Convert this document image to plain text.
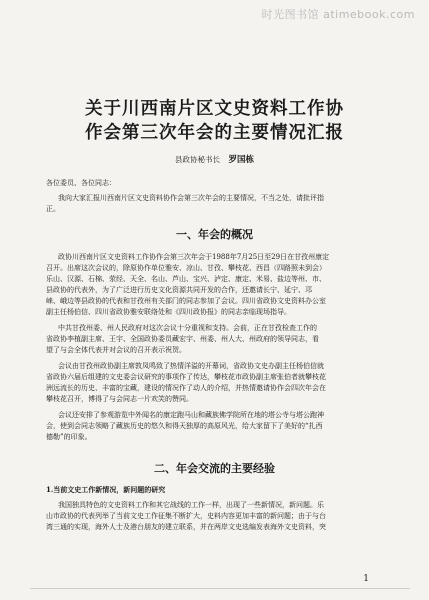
时光图书馆 atimebook.com
关于川西南片区文史资料工作协
作会第三次年会的主要情况汇报
县政协秘书长 罗国栋
各位委员、各位同志：
我向大家汇报川西南片区文史资料协作会第三次年会的主要情况，不当之处，请批评指
正。
一、年会的概况
政协川西南片区文史资料工作协作会第三次年会于1988年7月25日至29日在甘孜州康定
召开。出席这次会议的，除原协作单位雅安、凉山、甘孜、攀枝花、西昌（四路照未到会）
乐山、汉源、石棉、荥经、天全、名山、芦山、宝兴、泸定、康定、米易、盐边等州、市、
县政协的代表外，为了广泛进行历史文化资源共同开发的合作，还邀请长宁、延宁、邛
崃、峨边等县政协的代表和甘孜州有关部门的同志参加了会议。四川省政协文史资料办公室
副主任杨伯信、四川省政协雅安联络处和《四川政协报》的同志亲临现场指导。
中共甘孜州委、州人民政府对这次会议十分重视和支持。会前，正在甘孜检查工作的
省政协李植副主席、王宇、全国政协委员藏宏宇、州委、州人大、州政府的领导同志，看
望了与会全体代表并对会议的召开表示祝贺。
会议由甘孜州政协副主席敦凤鸣致了热情洋溢的开幕词，省政协文史办副主任杨伯信就
省政协六届后组建的文史委会议研究的事项作了传达，攀枝花市政协副主席张伯者就攀枝花
洲远流长的历史、丰富的宝藏，建设的情况作了动人的介绍，并热情邀请协作会四次年会在
攀枝花召开，博得了与会同志一片欢笑的赞同。
会议还安排了参观游览中外闻名的康定跑马山和藏族佛学院所在地的塔公寺与塔公跑神
会，使到会同志领略了藏族历史的悠久和得天独厚的高原风光，给大家留下了美好的“扎西
德勒”的印象。
二、年会交流的主要经验
1.当前文史工作新情况，新问题的研究
我国独具特色的文史资料工作和其它战线的工作一样，出现了一些新情况，新问题。乐
山市政协的代表列举了当前文史工作征集不断扩大，史料内容更加丰富的新问题；由于与台
湾三通的实现，海外人士及港台朋友的建立联系，并在两岸文史选编发表海外文史资料，突
1
